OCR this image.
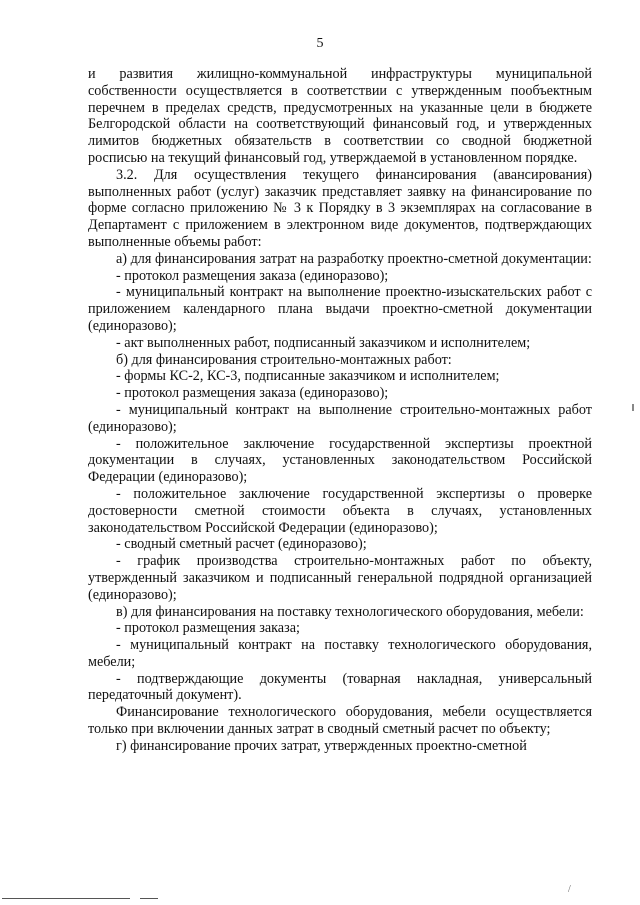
5

и развития жилищно-коммунальной инфраструктуры муниципальной собственности осуществляется в соответствии с утвержденным пообъектным перечнем в пределах средств, предусмотренных на указанные цели в бюджете Белгородской области на соответствующий финансовый год, и утвержденных лимитов бюджетных обязательств в соответствии со сводной бюджетной росписью на текущий финансовый год, утверждаемой в установленном порядке.

3.2. Для осуществления текущего финансирования (авансирования) выполненных работ (услуг) заказчик представляет заявку на финансирование по форме согласно приложению № 3 к Порядку в 3 экземплярах на согласование в Департамент с приложением в электронном виде документов, подтверждающих выполненные объемы работ:

а) для финансирования затрат на разработку проектно-сметной документации:

- протокол размещения заказа (единоразово);

- муниципальный контракт на выполнение проектно-изыскательских работ с приложением календарного плана выдачи проектно-сметной документации (единоразово);

- акт выполненных работ, подписанный заказчиком и исполнителем;

б) для финансирования строительно-монтажных работ:

- формы КС-2, КС-3, подписанные заказчиком и исполнителем;

- протокол размещения заказа (единоразово);

- муниципальный контракт на выполнение строительно-монтажных работ (единоразово);

- положительное заключение государственной экспертизы проектной документации в случаях, установленных законодательством Российской Федерации (единоразово);

- положительное заключение государственной экспертизы о проверке достоверности сметной стоимости объекта в случаях, установленных законодательством Российской Федерации (единоразово);

- сводный сметный расчет (единоразово);

- график производства строительно-монтажных работ по объекту, утвержденный заказчиком и подписанный генеральной подрядной организацией (единоразово);

в) для финансирования на поставку технологического оборудования, мебели:

- протокол размещения заказа;

- муниципальный контракт на поставку технологического оборудования, мебели;

- подтверждающие документы (товарная накладная, универсальный передаточный документ).

Финансирование технологического оборудования, мебели осуществляется только при включении данных затрат в сводный сметный расчет по объекту;

г) финансирование прочих затрат, утвержденных проектно-сметной

/
